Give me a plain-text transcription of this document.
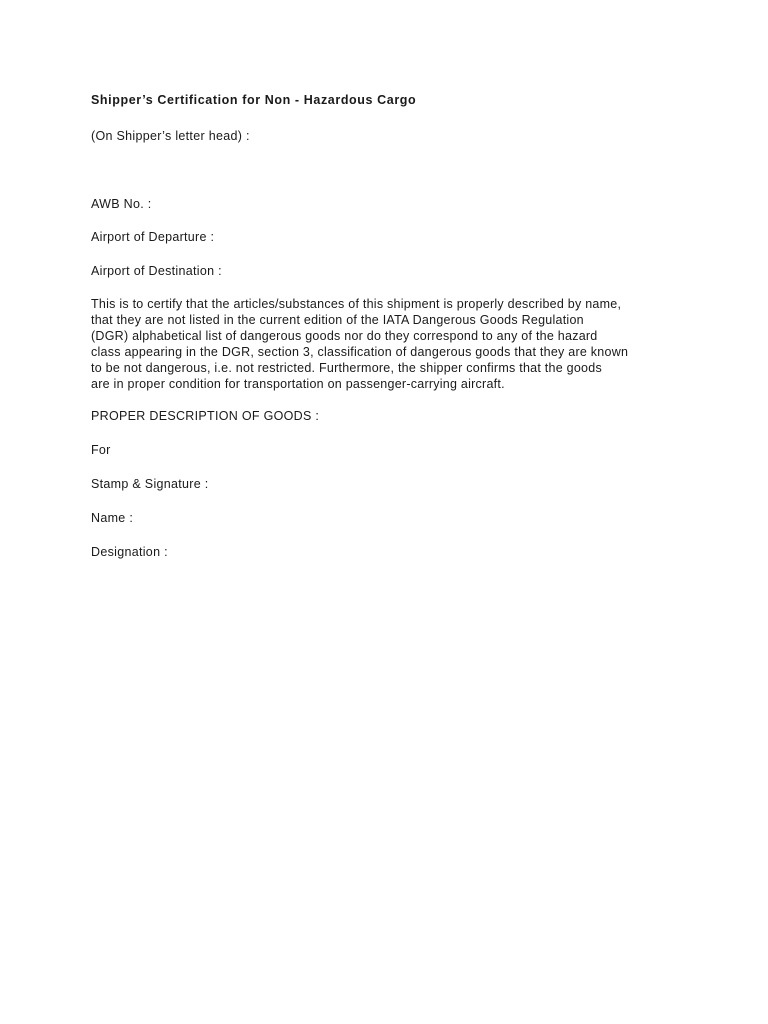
Shipper’s Certification for Non - Hazardous Cargo

(On Shipper’s letter head) :

AWB No. :

Airport of Departure :

Airport of Destination :

This is to certify that the articles/substances of this shipment is properly described by name,
that they are not listed in the current edition of the IATA Dangerous Goods Regulation
(DGR) alphabetical list of dangerous goods nor do they correspond to any of the hazard
class appearing in the DGR, section 3, classification of dangerous goods that they are known
to be not dangerous, i.e. not restricted. Furthermore, the shipper confirms that the goods
are in proper condition for transportation on passenger-carrying aircraft.

PROPER DESCRIPTION OF GOODS :

For

Stamp & Signature :

Name :

Designation :
